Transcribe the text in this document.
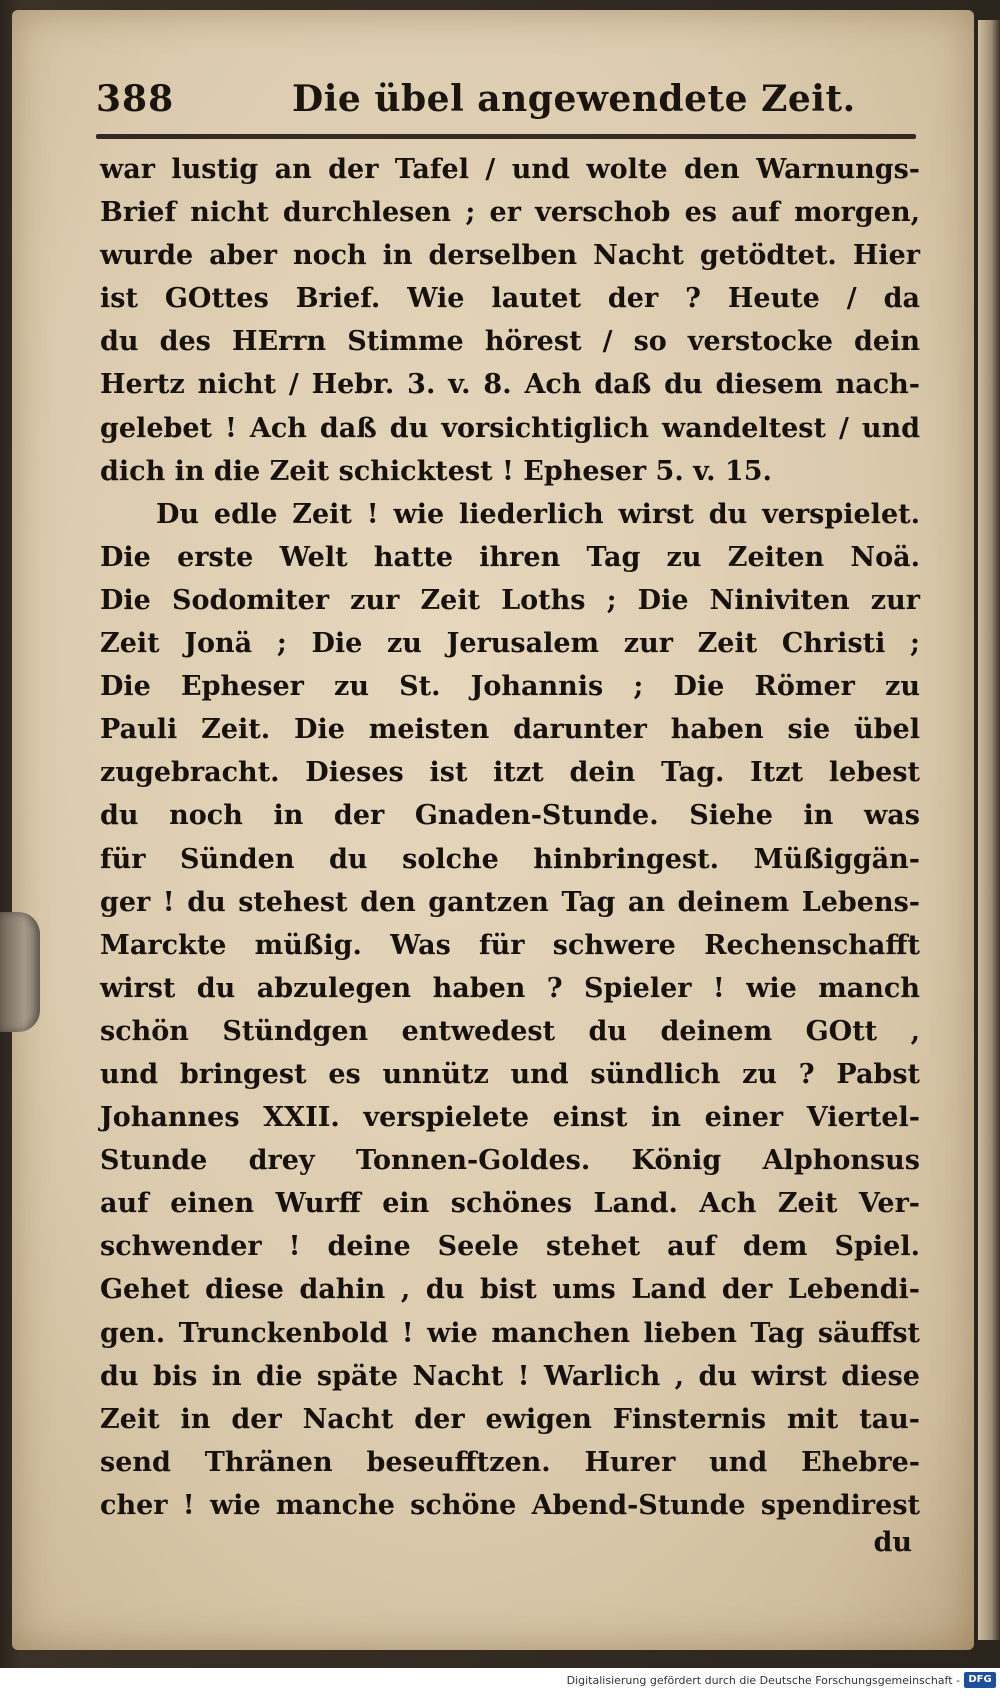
388	Die übel angewendete Zeit.
war lustig an der Tafel / und wolte den Warnungs-
Brief nicht durchlesen ; er verschob es auf morgen,
wurde aber noch in derselben Nacht getödtet. Hier
ist GOttes Brief. Wie lautet der ? Heute / da
du des HErrn Stimme hörest / so verstocke dein
Hertz nicht / Hebr. 3. v. 8. Ach daß du diesem nach-
gelebet ! Ach daß du vorsichtiglich wandeltest / und
dich in die Zeit schicktest ! Epheser 5. v. 15.
Du edle Zeit ! wie liederlich wirst du verspielet.
Die erste Welt hatte ihren Tag zu Zeiten Noä.
Die Sodomiter zur Zeit Loths ; Die Niniviten zur
Zeit Jonä ; Die zu Jerusalem zur Zeit Christi ;
Die Epheser zu St. Johannis ; Die Römer zu
Pauli Zeit. Die meisten darunter haben sie übel
zugebracht. Dieses ist itzt dein Tag. Itzt lebest
du noch in der Gnaden-Stunde. Siehe in was
für Sünden du solche hinbringest. Müßiggän-
ger ! du stehest den gantzen Tag an deinem Lebens-
Marckte müßig. Was für schwere Rechenschafft
wirst du abzulegen haben ? Spieler ! wie manch
schön Stündgen entwedest du deinem GOtt ,
und bringest es unnütz und sündlich zu ? Pabst
Johannes XXII. verspielete einst in einer Viertel-
Stunde drey Tonnen-Goldes. König Alphonsus
auf einen Wurff ein schönes Land. Ach Zeit Ver-
schwender ! deine Seele stehet auf dem Spiel.
Gehet diese dahin , du bist ums Land der Lebendi-
gen. Trunckenbold ! wie manchen lieben Tag säuffst
du bis in die späte Nacht ! Warlich , du wirst diese
Zeit in der Nacht der ewigen Finsternis mit tau-
send Thränen beseufftzen. Hurer und Ehebre-
cher ! wie manche schöne Abend-Stunde spendirest
du
Digitalisierung gefördert durch die Deutsche Forschungsgemeinschaft - DFG
